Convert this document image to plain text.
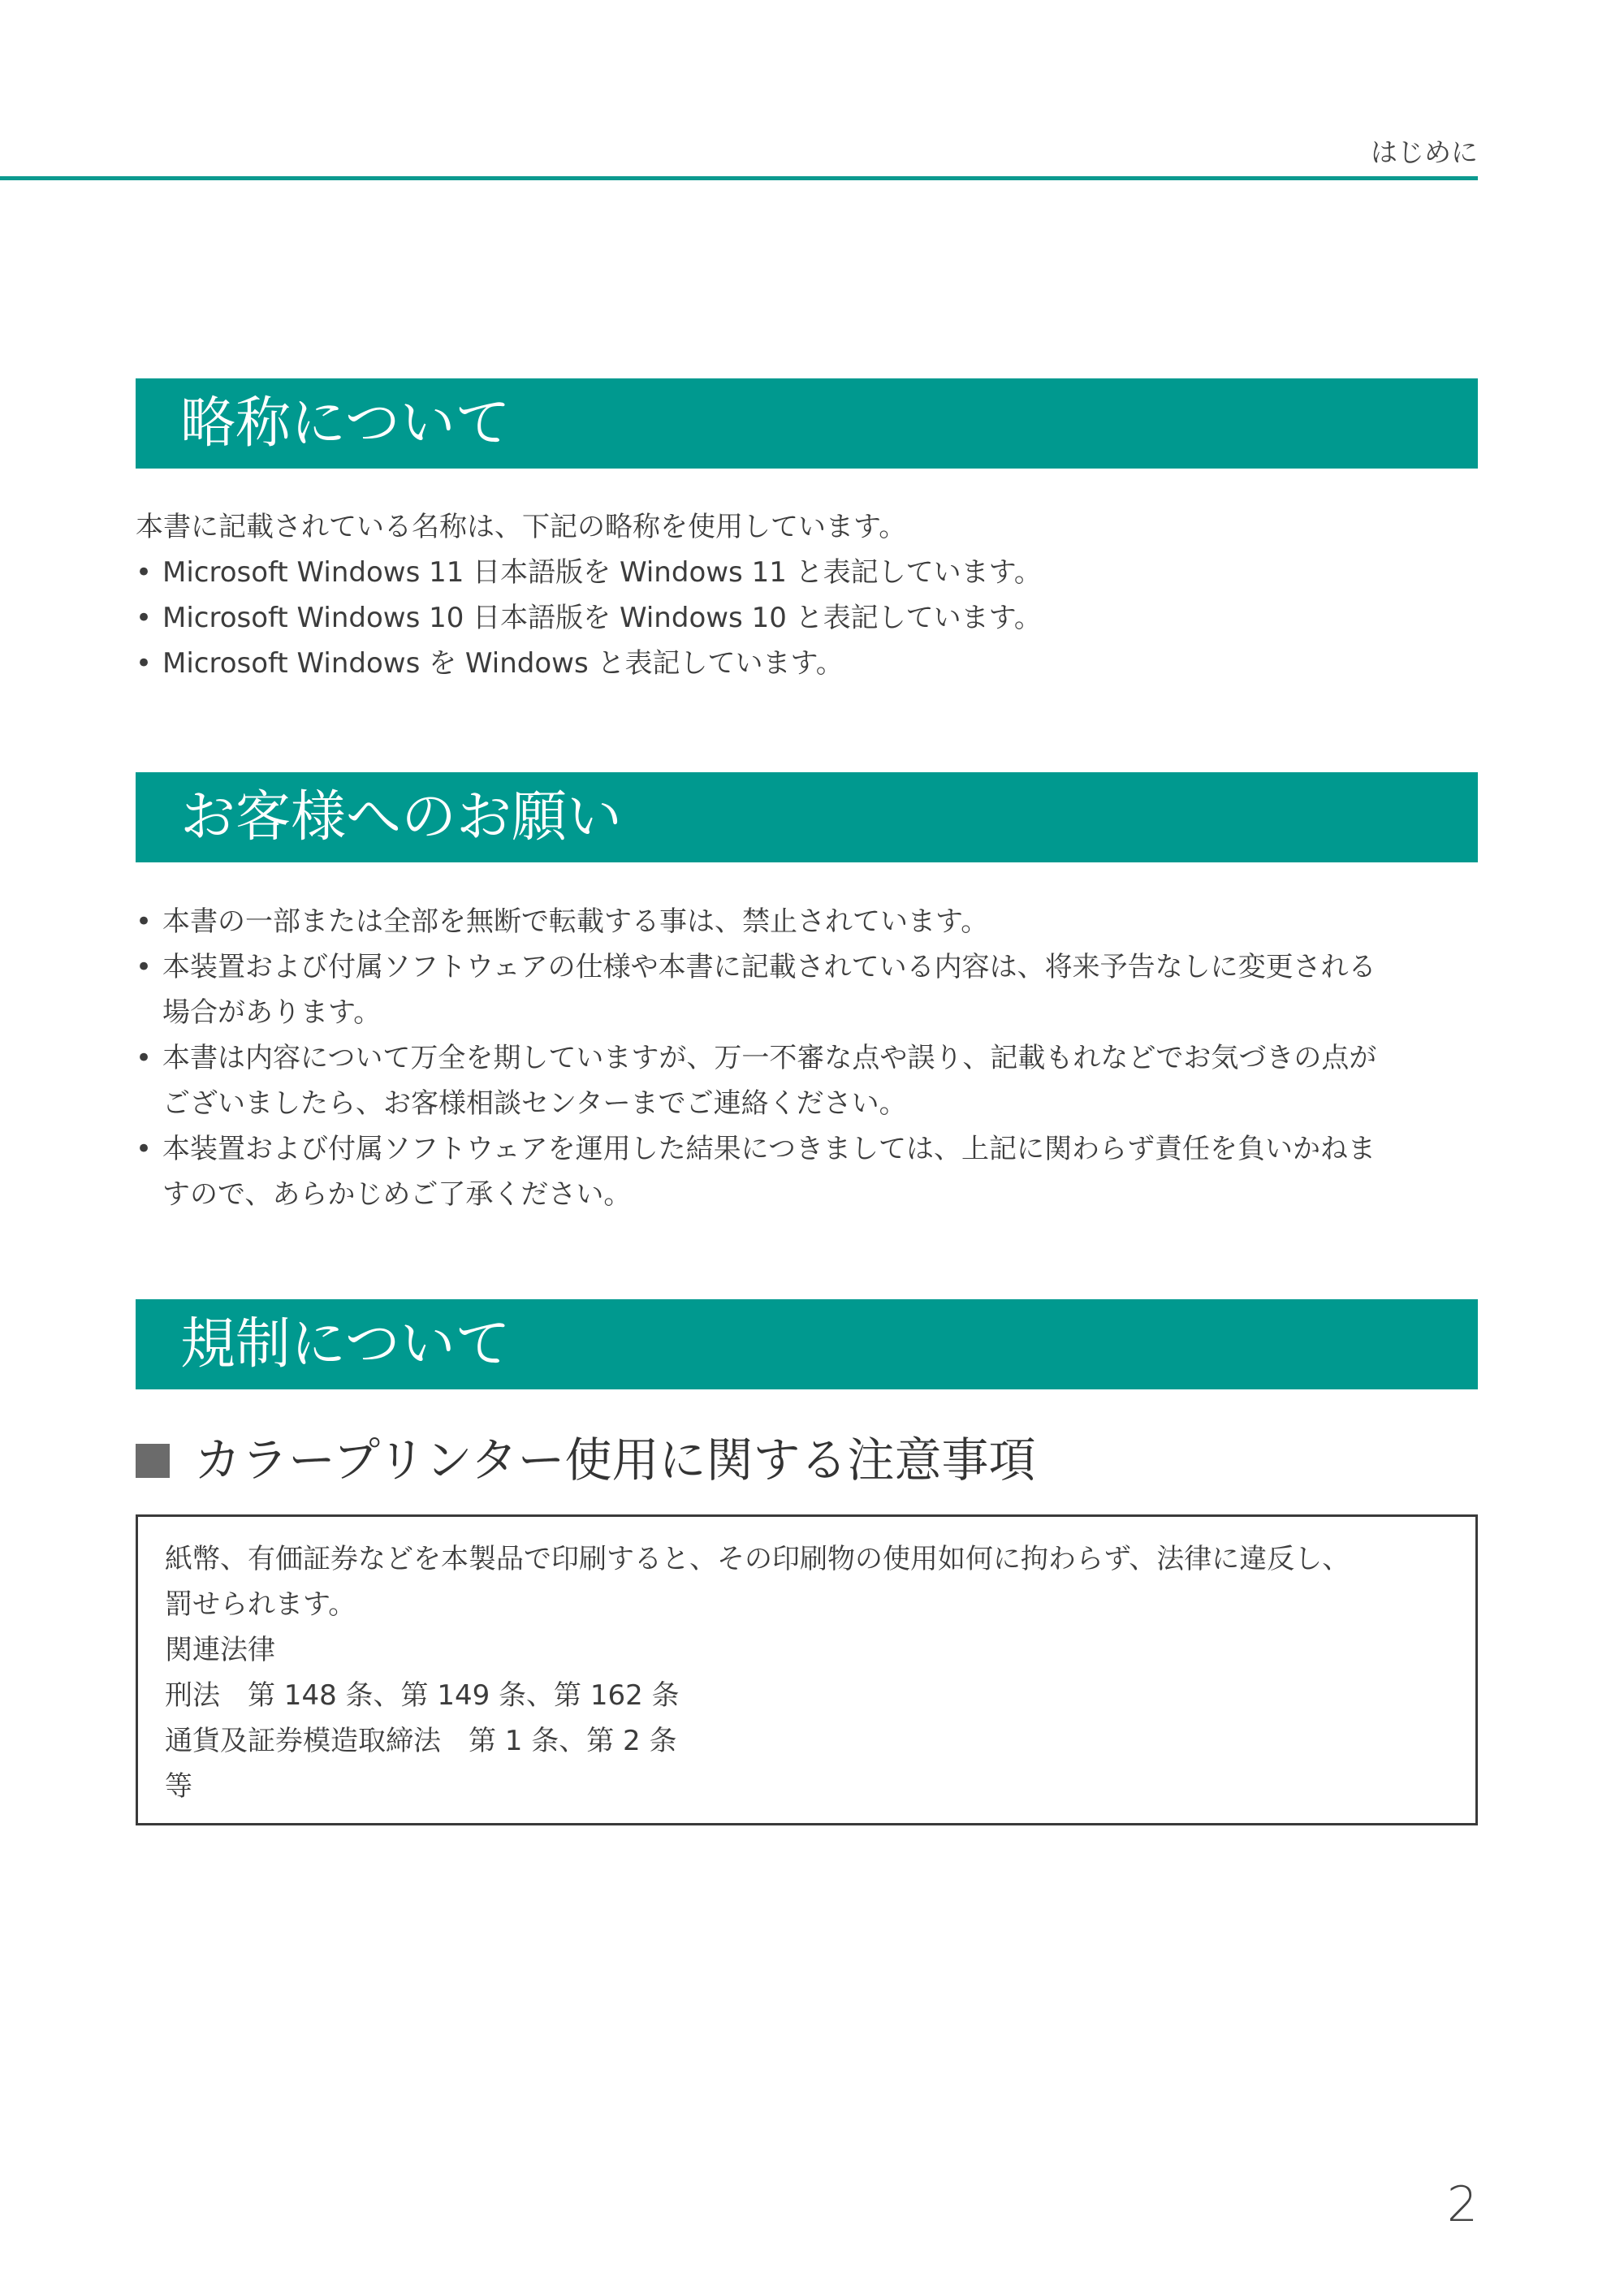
はじめに
略称について
本書に記載されている名称は、下記の略称を使用しています。
• Microsoft Windows 11 日本語版を Windows 11 と表記しています。
• Microsoft Windows 10 日本語版を Windows 10 と表記しています。
• Microsoft Windows を Windows と表記しています。
お客様へのお願い
• 本書の一部または全部を無断で転載する事は、禁止されています。
• 本装置および付属ソフトウェアの仕様や本書に記載されている内容は、将来予告なしに変更される
場合があります。
• 本書は内容について万全を期していますが、万一不審な点や誤り、記載もれなどでお気づきの点が
ございましたら、お客様相談センターまでご連絡ください。
• 本装置および付属ソフトウェアを運用した結果につきましては、上記に関わらず責任を負いかねま
すので、あらかじめご了承ください。
規制について
カラープリンター使用に関する注意事項
紙幣、有価証券などを本製品で印刷すると、その印刷物の使用如何に拘わらず、法律に違反し、
罰せられます。
関連法律
刑法　第 148 条、第 149 条、第 162 条
通貨及証券模造取締法　第 1 条、第 2 条
等
2
